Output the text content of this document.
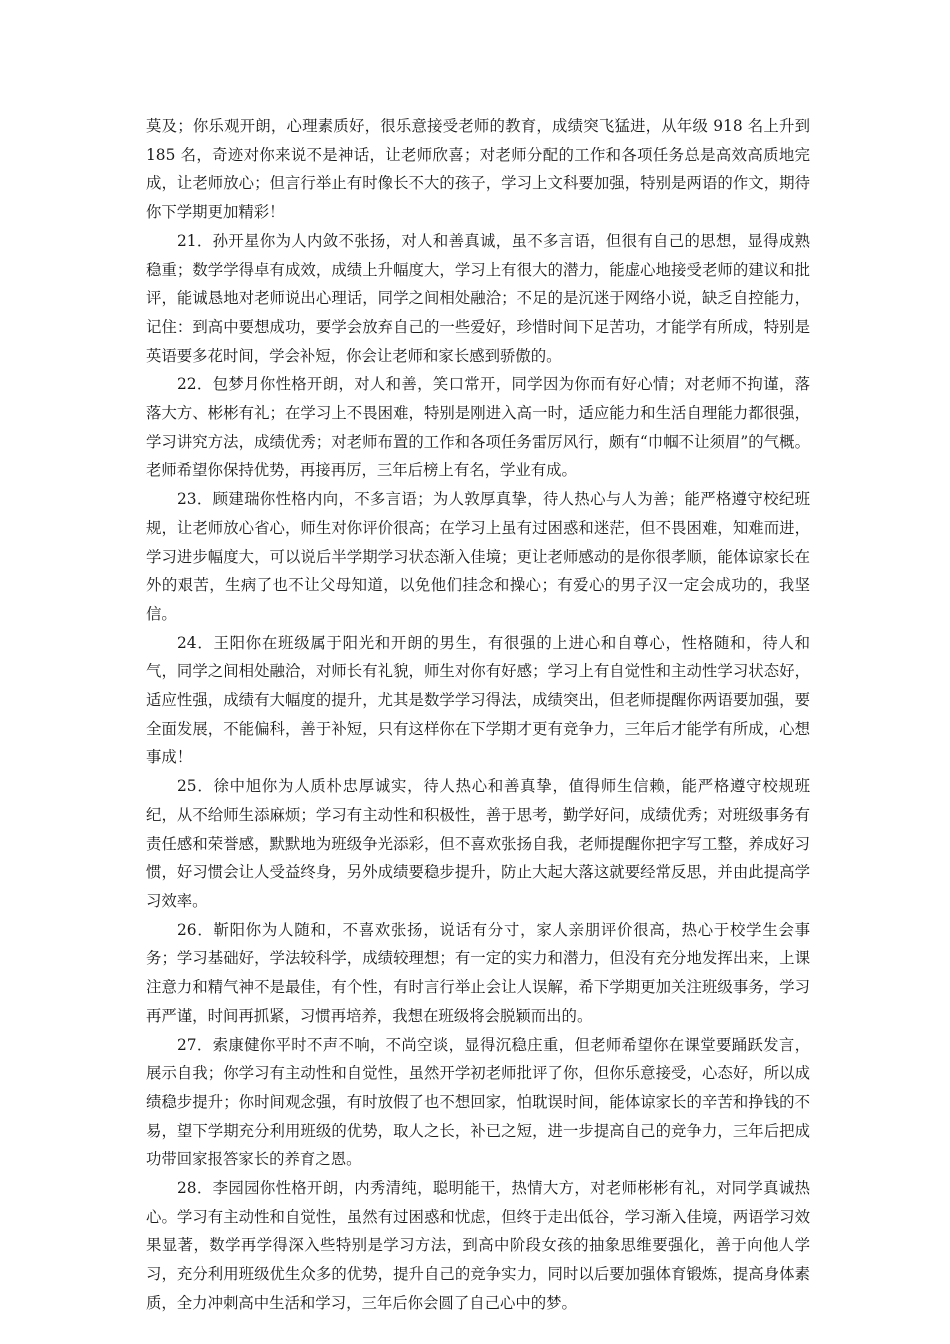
莫及；你乐观开朗，心理素质好，很乐意接受老师的教育，成绩突飞猛进，从年级 918 名上升到 185 名，奇迹对你来说不是神话，让老师欣喜；对老师分配的工作和各项任务总是高效高质地完成，让老师放心；但言行举止有时像长不大的孩子，学习上文科要加强，特别是两语的作文，期待你下学期更加精彩！

21．孙开星你为人内敛不张扬，对人和善真诚，虽不多言语，但很有自己的思想，显得成熟稳重；数学学得卓有成效，成绩上升幅度大，学习上有很大的潜力，能虚心地接受老师的建议和批评，能诚恳地对老师说出心理话，同学之间相处融洽；不足的是沉迷于网络小说，缺乏自控能力，记住：到高中要想成功，要学会放弃自己的一些爱好，珍惜时间下足苦功，才能学有所成，特别是英语要多花时间，学会补短，你会让老师和家长感到骄傲的。

22．包梦月你性格开朗，对人和善，笑口常开，同学因为你而有好心情；对老师不拘谨，落落大方、彬彬有礼；在学习上不畏困难，特别是刚进入高一时，适应能力和生活自理能力都很强，学习讲究方法，成绩优秀；对老师布置的工作和各项任务雷厉风行，颇有“巾帼不让须眉”的气概。老师希望你保持优势，再接再厉，三年后榜上有名，学业有成。

23．顾建瑞你性格内向，不多言语；为人敦厚真挚，待人热心与人为善；能严格遵守校纪班规，让老师放心省心，师生对你评价很高；在学习上虽有过困惑和迷茫，但不畏困难，知难而进，学习进步幅度大，可以说后半学期学习状态渐入佳境；更让老师感动的是你很孝顺，能体谅家长在外的艰苦，生病了也不让父母知道，以免他们挂念和操心；有爱心的男子汉一定会成功的，我坚信。

24．王阳你在班级属于阳光和开朗的男生，有很强的上进心和自尊心，性格随和，待人和气，同学之间相处融洽，对师长有礼貌，师生对你有好感；学习上有自觉性和主动性学习状态好，适应性强，成绩有大幅度的提升，尤其是数学学习得法，成绩突出，但老师提醒你两语要加强，要全面发展，不能偏科，善于补短，只有这样你在下学期才更有竞争力，三年后才能学有所成，心想事成！

25．徐中旭你为人质朴忠厚诚实，待人热心和善真挚，值得师生信赖，能严格遵守校规班纪，从不给师生添麻烦；学习有主动性和积极性，善于思考，勤学好问，成绩优秀；对班级事务有责任感和荣誉感，默默地为班级争光添彩，但不喜欢张扬自我，老师提醒你把字写工整，养成好习惯，好习惯会让人受益终身，另外成绩要稳步提升，防止大起大落这就要经常反思，并由此提高学习效率。

26．靳阳你为人随和，不喜欢张扬，说话有分寸，家人亲朋评价很高，热心于校学生会事务；学习基础好，学法较科学，成绩较理想；有一定的实力和潜力，但没有充分地发挥出来，上课注意力和精气神不是最佳，有个性，有时言行举止会让人误解，希下学期更加关注班级事务，学习再严谨，时间再抓紧，习惯再培养，我想在班级将会脱颖而出的。

27．索康健你平时不声不响，不尚空谈，显得沉稳庄重，但老师希望你在课堂要踊跃发言，展示自我；你学习有主动性和自觉性，虽然开学初老师批评了你，但你乐意接受，心态好，所以成绩稳步提升；你时间观念强，有时放假了也不想回家，怕耽误时间，能体谅家长的辛苦和挣钱的不易，望下学期充分利用班级的优势，取人之长，补已之短，进一步提高自己的竞争力，三年后把成功带回家报答家长的养育之恩。

28．李园园你性格开朗，内秀清纯，聪明能干，热情大方，对老师彬彬有礼，对同学真诚热心。学习有主动性和自觉性，虽然有过困惑和忧虑，但终于走出低谷，学习渐入佳境，两语学习效果显著，数学再学得深入些特别是学习方法，到高中阶段女孩的抽象思维要强化，善于向他人学习，充分利用班级优生众多的优势，提升自己的竞争实力，同时以后要加强体育锻炼，提高身体素质，全力冲刺高中生活和学习，三年后你会圆了自己心中的梦。
